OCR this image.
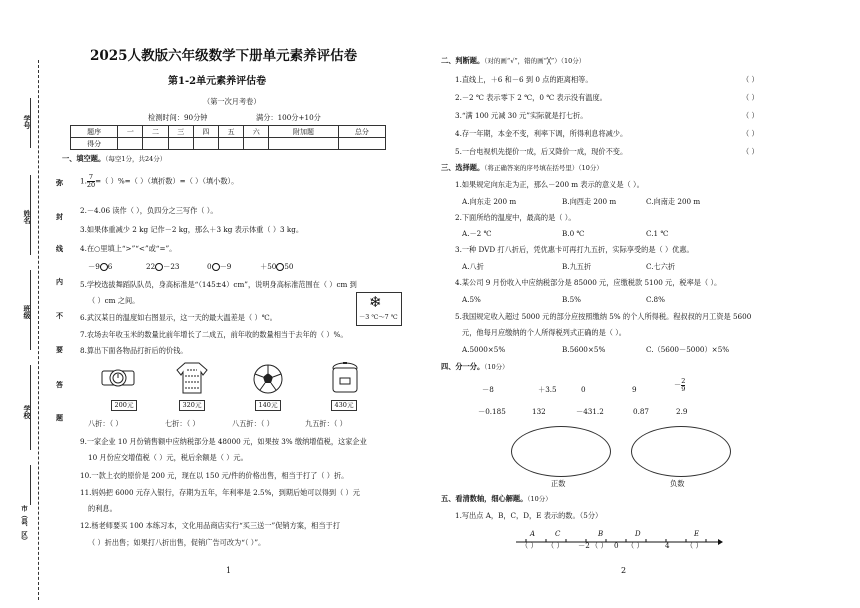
学号
姓名
班级
学校
市（县、区）
弥
封
线
内
不
要
答
题
2025人教版六年级数学下册单元素养评估卷
第1-2单元素养评估卷
（第一次月考卷）
检测时间：90分钟	满分：100分+10分
题序	一	二	三	四	五	六	附加题	总分
得分								
一、填空题。（每空1分，共24分）
1. $\frac{7}{20}$ =（ ）%=（ ）（填折数）=（ ）（填小数）。
2.－4.06 读作（ ），负四分之三写作（ ）。
3.如果体重减少 2 kg 记作－2 kg，那么＋3 kg 表示体重（ ）3 kg。
4.在○里填上“>”“<”或“=”。
－9 6	22 －23	0 －9	＋50 50
5.学校选拔舞蹈队队员，身高标准是“（145±4）cm”，说明身高标准范围在（ ）cm 到
（ ）cm 之间。
6.武汉某日的温度如右图显示，这一天的最大温差是（ ）℃。
❄
－3 ℃～7 ℃
7.农场去年收玉米的数量比前年增长了二成五，前年收的数量相当于去年的（ ）%。
8.算出下面各物品打折后的价钱。
200元	320元	140元	430元
八折：（ ）	七折：（ ）	八五折：（ ）	九五折：（ ）
9.一家企业 10 月份销售额中应纳税部分是 48000 元，如果按 3% 缴纳增值税，这家企业
10 月份应交增值税（ ）元，税后余额是（ ）元。
10.一款上衣的原价是 200 元，现在以 150 元/件的价格出售，相当于打了（ ）折。
11.妈妈把 6000 元存入银行，存期为五年，年利率是 2.5%，到期后她可以得到（ ）元
的利息。
12.杨老师要买 100 本练习本，文化用品商店实行“买三送一”促销方案，相当于打
（ ）折出售；如果打八折出售，促销广告可改为“（ ）”。
1
二、判断题。（对的画“√”，错的画“╳”）（10分）
1.直线上，＋6 和－6 到 0 点的距离相等。	（ ）
2.－2 ℃ 表示零下 2 ℃，0 ℃ 表示没有温度。	（ ）
3.“满 100 元减 30 元”实际就是打七折。	（ ）
4.存一年期，本金不变，利率下调，所得利息将减少。	（ ）
5.一台电视机先提价一成，后又降价一成，现价不变。	（ ）
三、选择题。（将正确答案的序号填在括号里）（10分）
1.如果规定向东走为正，那么－200 m 表示的意义是（ ）。
A.向东走 200 m	B.向西走 200 m	C.向南走 200 m
2.下面所给的温度中，最高的是（ ）。
A.－2 ℃	B.0 ℃	C.1 ℃
3.一种 DVD 打八折后，凭优惠卡可再打九五折，实际享受的是（ ）优惠。
A.八折	B.九五折	C.七六折
4.某公司 9 月份收入中应纳税部分是 85000 元，应缴税款 5100 元，税率是（ ）。
A.5%	B.5%	C.8%
5.我国规定收入超过 5000 元的部分应按照缴纳 5% 的个人所得税。程叔叔的月工资是 5600
元，他每月应缴纳的个人所得税列式正确的是（ ）。
A.5000×5%	B.5600×5%	C.（5600－5000）×5%
四、分一分。（10分）
－8	＋3.5	0	9	－ $\frac{2}{9}$
－0.185	132	－431.2	0.87	2.9
正数	负数
五、看清数轴，细心解题。（10分）
1.写出点 A，B，C，D，E 表示的数。（5分）
A	C	B	D	E
（ ） （ ） －2 （ ） 0 （ ）	4 （ ）
2
